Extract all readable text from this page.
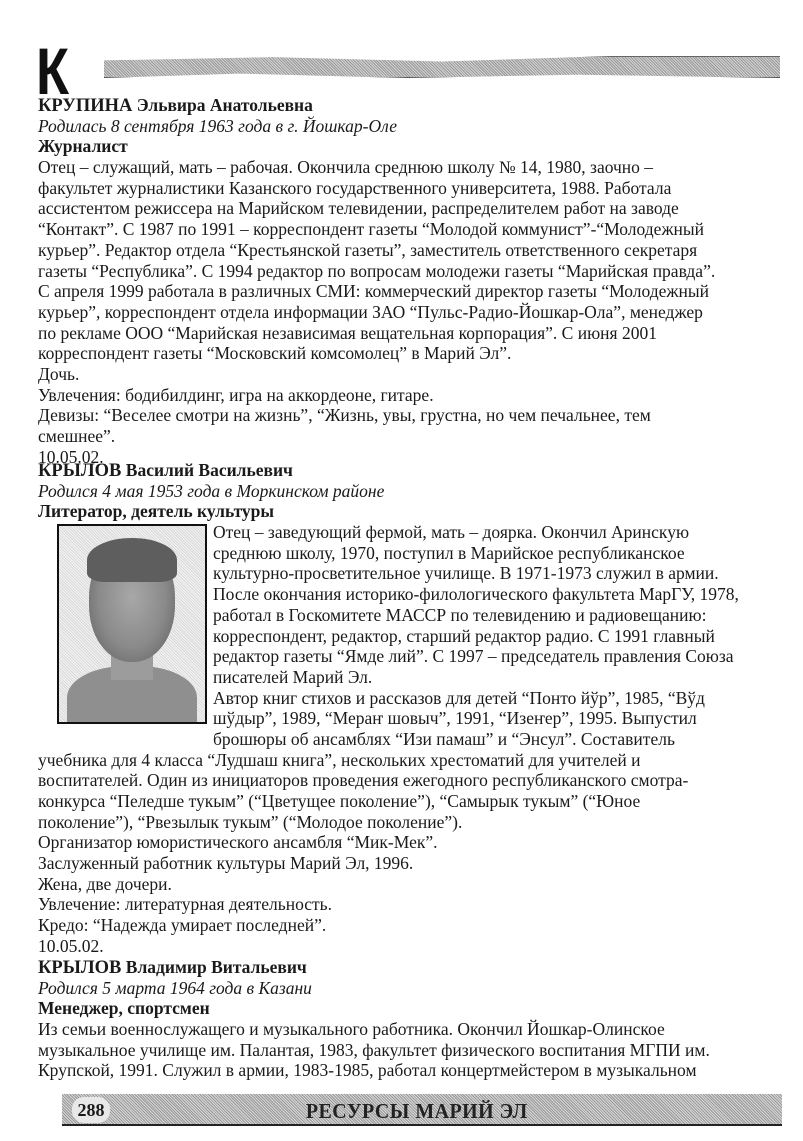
К
КРУПИНА Эльвира Анатольевна
Родилась 8 сентября 1963 года в г. Йошкар-Оле
Журналист
Отец – служащий, мать – рабочая. Окончила среднюю школу № 14, 1980, заочно –
факультет журналистики Казанского государственного университета, 1988. Работала
ассистентом режиссера на Марийском телевидении, распределителем работ на заводе
“Контакт”. С 1987 по 1991 – корреспондент газеты “Молодой коммунист”-“Молодежный
курьер”. Редактор отдела “Крестьянской газеты”, заместитель ответственного секретаря
газеты “Республика”. С 1994 редактор по вопросам молодежи газеты “Марийская правда”.
С апреля 1999 работала в различных СМИ: коммерческий директор газеты “Молодежный
курьер”, корреспондент отдела информации ЗАО “Пульс-Радио-Йошкар-Ола”, менеджер
по рекламе ООО “Марийская независимая вещательная корпорация”. С июня 2001
корреспондент газеты “Московский комсомолец” в Марий Эл”.
Дочь.
Увлечения: бодибилдинг, игра на аккордеоне, гитаре.
Девизы: “Веселее смотри на жизнь”, “Жизнь, увы, грустна, но чем печальнее, тем
смешнее”.
10.05.02.
КРЫЛОВ Василий Васильевич
Родился 4 мая 1953 года в Моркинском районе
Литератор, деятель культуры
Отец – заведующий фермой, мать – доярка. Окончил Аринскую
среднюю школу, 1970, поступил в Марийское республиканское
культурно-просветительное училище. В 1971-1973 служил в армии.
После окончания историко-филологического факультета МарГУ, 1978,
работал в Госкомитете МАССР по телевидению и радиовещанию:
корреспондент, редактор, старший редактор радио. С 1991 главный
редактор газеты “Ямде лий”. С 1997 – председатель правления Союза
писателей Марий Эл.
Автор книг стихов и рассказов для детей “Понто йўр”, 1985, “Вўд
шўдыр”, 1989, “Мераҥ шовыч”, 1991, “Изеҥер”, 1995. Выпустил
брошюры об ансамблях “Изи памаш” и “Энсул”. Составитель
учебника для 4 класса “Лудшаш книга”, нескольких хрестоматий для учителей и
воспитателей. Один из инициаторов проведения ежегодного республиканского смотра-
конкурса “Пеледше тукым” (“Цветущее поколение”), “Самырык тукым” (“Юное
поколение”), “Рвезылык тукым” (“Молодое поколение”).
Организатор юмористического ансамбля “Мик-Мек”.
Заслуженный работник культуры Марий Эл, 1996.
Жена, две дочери.
Увлечение: литературная деятельность.
Кредо: “Надежда умирает последней”.
10.05.02.
КРЫЛОВ Владимир Витальевич
Родился 5 марта 1964 года в Казани
Менеджер, спортсмен
Из семьи военнослужащего и музыкального работника. Окончил Йошкар-Олинское
музыкальное училище им. Палантая, 1983, факультет физического воспитания МГПИ им.
Крупской, 1991. Служил в армии, 1983-1985, работал концертмейстером в музыкальном
288	РЕСУРСЫ МАРИЙ ЭЛ
